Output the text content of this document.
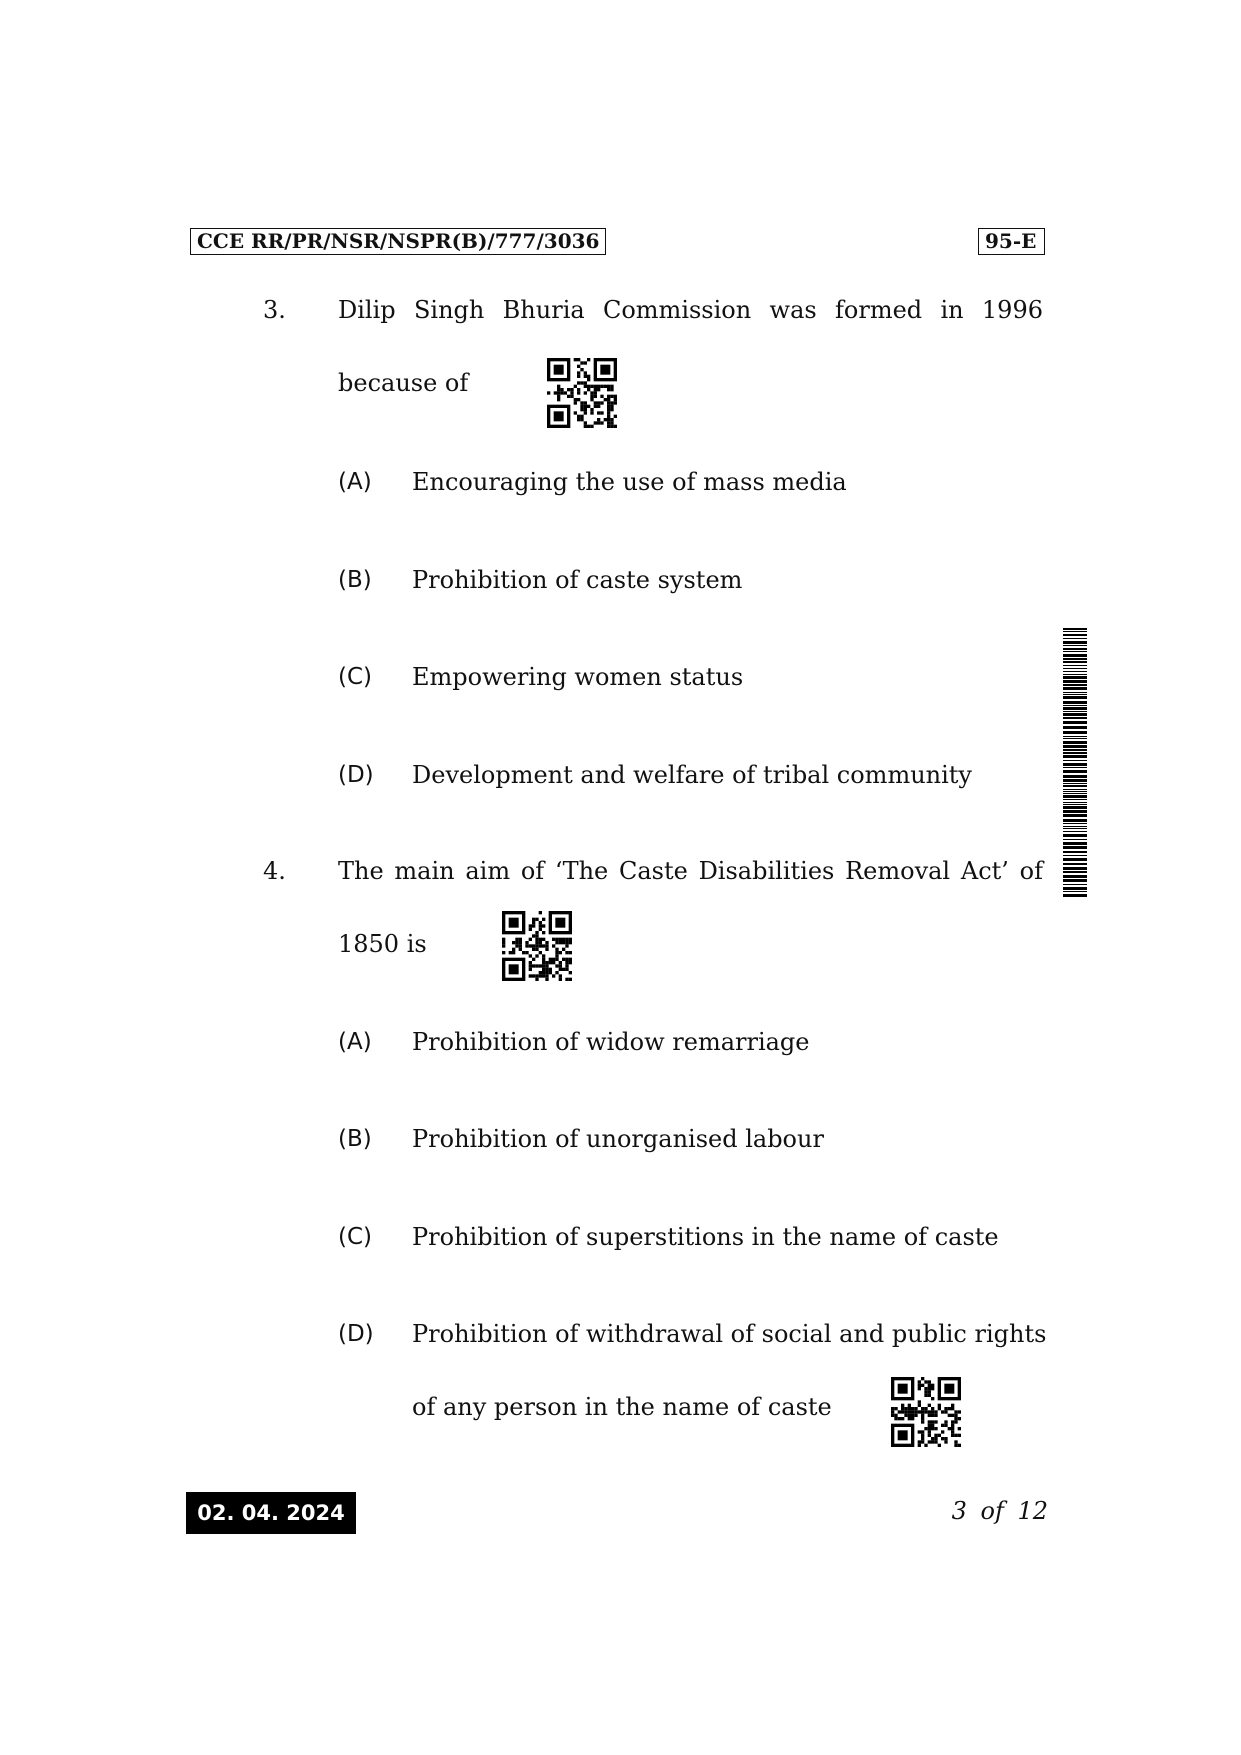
CCE RR/PR/NSR/NSPR(B)/777/3036	95-E
3. Dilip Singh Bhuria Commission was formed in 1996
because of
(A) Encouraging the use of mass media
(B) Prohibition of caste system
(C) Empowering women status
(D) Development and welfare of tribal community
4. The main aim of ‘The Caste Disabilities Removal Act’ of
1850 is
(A) Prohibition of widow remarriage
(B) Prohibition of unorganised labour
(C) Prohibition of superstitions in the name of caste
(D) Prohibition of withdrawal of social and public rights
of any person in the name of caste
02. 04. 2024	3 of 12
